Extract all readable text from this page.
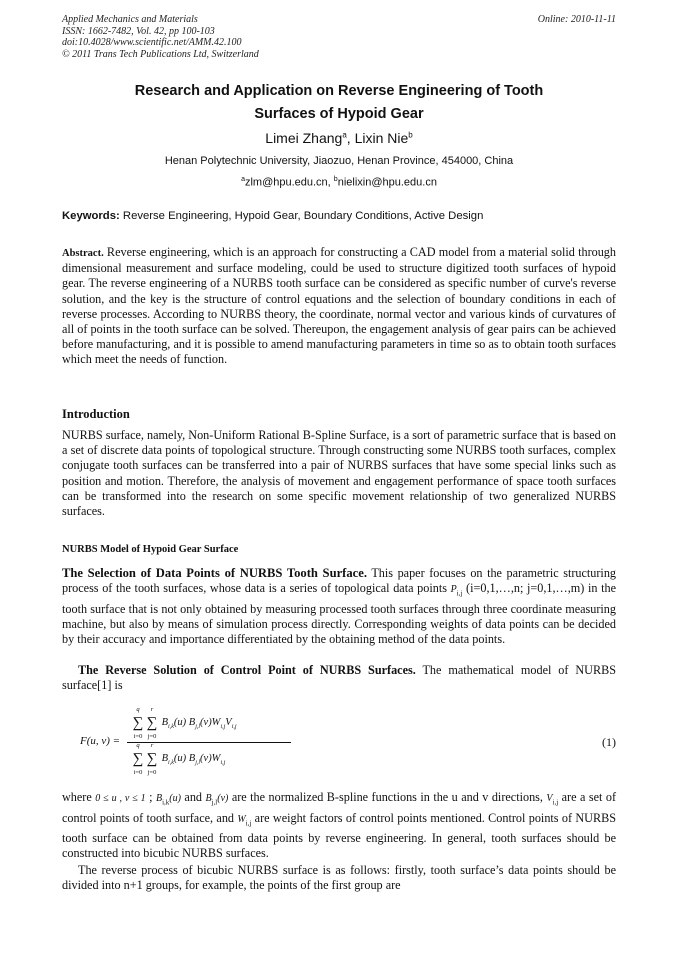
Applied Mechanics and Materials
ISSN: 1662-7482, Vol. 42, pp 100-103
doi:10.4028/www.scientific.net/AMM.42.100
© 2011 Trans Tech Publications Ltd, Switzerland
Online: 2010-11-11
Research and Application on Reverse Engineering of Tooth
Surfaces of Hypoid Gear
Limei Zhang$^a$, Lixin Nie$^b$
Henan Polytechnic University, Jiaozuo, Henan Province, 454000, China
$^a$zlm@hpu.edu.cn, $^b$nielixin@hpu.edu.cn
Keywords: Reverse Engineering, Hypoid Gear, Boundary Conditions, Active Design
Abstract. Reverse engineering, which is an approach for constructing a CAD model from a material solid through dimensional measurement and surface modeling, could be used to structure digitized tooth surfaces of hypoid gear. The reverse engineering of a NURBS tooth surface can be considered as specific number of curve's reverse solution, and the key is the structure of control equations and the selection of boundary conditions in each of reverse processes. According to NURBS theory, the coordinate, normal vector and various kinds of curvatures of all of points in the tooth surface can be solved. Thereupon, the engagement analysis of gear pairs can be achieved before manufacturing, and it is possible to amend manufacturing parameters in time so as to obtain tooth surfaces which meet the needs of function.
Introduction
NURBS surface, namely, Non-Uniform Rational B-Spline Surface, is a sort of parametric surface that is based on a set of discrete data points of topological structure. Through constructing some NURBS tooth surfaces, complex conjugate tooth surfaces can be transferred into a pair of NURBS surfaces that have some special links such as position and motion. Therefore, the analysis of movement and engagement performance of space tooth surfaces can be transformed into the research on some specific movement relationship of two generalized NURBS surfaces.
NURBS Model of Hypoid Gear Surface
The Selection of Data Points of NURBS Tooth Surface. This paper focuses on the parametric structuring process of the tooth surfaces, whose data is a series of topological data points $P_{i,j}$ (i=0,1,…,n; j=0,1,…,m) in the tooth surface that is not only obtained by measuring processed tooth surfaces through three coordinate measuring machine, but also by means of simulation process directly. Corresponding weights of data points can be decided by their accuracy and importance differentiated by the obtaining method of the data points.
The Reverse Solution of Control Point of NURBS Surfaces. The mathematical model of NURBS surface[1] is
F(u, v) =
∑
q
i=0
∑
r
j=0
$B_{i,k}(u)$ $B_{j,l}(v)W_{i,j}V_{i,j}$
∑
q
i=0
∑
r
j=0
$B_{i,k}(u)$ $B_{j,l}(v)W_{i,j}$
(1)
where 0 ≤ u , v ≤ 1 ; $B_{i,k}(u)$ and $B_{j,l}(v)$ are the normalized B-spline functions in the u and v directions, $V_{i,j}$ are a set of control points of tooth surface, and $W_{i,j}$ are weight factors of control points mentioned. Control points of NURBS tooth surface can be obtained from data points by reverse engineering. In general, tooth surfaces should be constructed into bicubic NURBS surfaces.
The reverse process of bicubic NURBS surface is as follows: firstly, tooth surface’s data points should be divided into n+1 groups, for example, the points of the first group are
